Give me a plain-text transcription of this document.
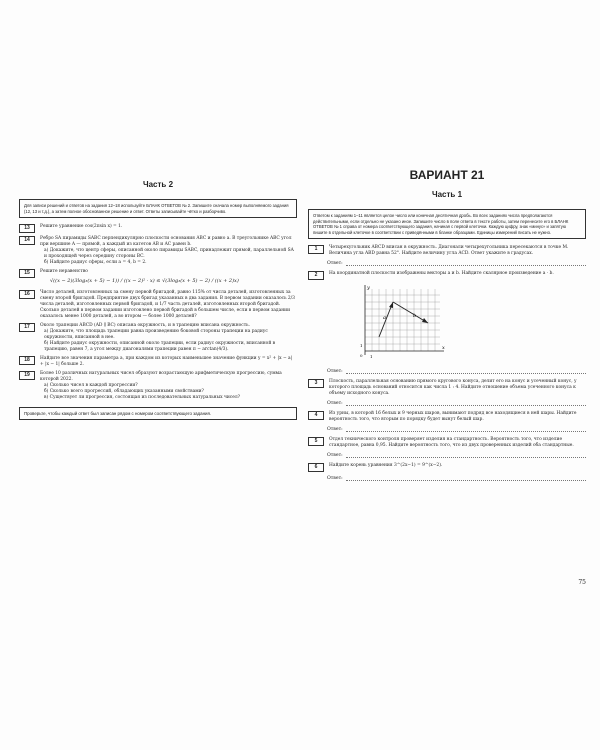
Часть 2
Для записи решений и ответов на задания 12–18 используйте БЛАНК ОТВЕТОВ № 2. Запишите сначала номер выполняемого задания (12, 13 и т.д.), а затем полное обоснованное решение и ответ. Ответы записывайте чётко и разборчиво.
13	Решите уравнение cos(2πsin x) = 1.
14	Ребро SA пирамиды SABC перпендикулярно плоскости основания ABC и равно a. В треугольнике ABC угол при вершине A — прямой, а каждый из катетов AB и AC равен b.
а) Докажите, что центр сферы, описанной около пирамиды SABC, принадлежит прямой, параллельной SA и проходящей через середину стороны BC.
б) Найдите радиус сферы, если a = 4, b = 2.
15	Решите неравенство
√((x − 2)(3log₃(x + 5) − 1)) / ((x − 2)² · x) ≤ √(3log₃(x + 5) − 2) / ((x + 2)x)
16	Число деталей, изготовленных за смену первой бригадой, равно 115% от числа деталей, изготовленных за смену второй бригадой. Предприятие двух бригад указанных в два задания. В первом задании оказалось 2/3 числа деталей, изготовленных первой бригадой, и 1/7 часть деталей, изготовленных второй бригадой. Сколько деталей в первом задании изготовлено первой бригадой в большем числе, если в первом задании оказалось менее 1000 деталей, а во втором — более 1000 деталей?
17	Около трапеции ABCD (AD ∥ BC) описана окружность, и в трапецию вписана окружность.
а) Докажите, что площадь трапеции равна произведению боковой стороны трапеции на радиус окружности, вписанной в нее.
б) Найдите радиус окружности, описанной около трапеции, если радиус окружности, вписанной в трапецию, равен 7, а угол между диагоналями трапеции равен π − arctan(4/3).
18	Найдите все значения параметра a, при каждом из которых наименьшее значение функции y = x² + |x − a| + |x − 1| больше 2.
19	Более 10 различных натуральных чисел образуют возрастающую арифметическую прогрессию, сумма которой 2022.
а) Сколько чисел в каждой прогрессии?
б) Сколько всего прогрессий, обладающих указанными свойствами?
в) Существует ли прогрессия, состоящая из последовательных натуральных чисел?
Проверьте, чтобы каждый ответ был записан рядом с номером соответствующего задания.
ВАРИАНТ 21
Часть 1
Ответом к заданиям 1–11 является целое число или конечная десятичная дробь. Во всех заданиях числа предполагаются действительными, если отдельно не указано иное. Запишите число в поле ответа в тексте работы, затем перенесите его в БЛАНК ОТВЕТОВ № 1 справа от номера соответствующего задания, начиная с первой клеточки. Каждую цифру, знак «минус» и запятую пишите в отдельной клеточке в соответствии с приведёнными в бланке образцами. Единицы измерений писать не нужно.
1	Четырехугольник ABCD вписан в окружность. Диагонали четырехугольника пересекаются в точке M. Величина угла ABD равна 52°. Найдите величину угла ACD. Ответ укажите в градусах.
Ответ:
2	На координатной плоскости изображены векторы a и b. Найдите скалярное произведение a · b.
x
y
0 1
1
a	b
Ответ:
3	Плоскость, параллельная основанию прямого кругового конуса, делит его на конус и усеченный конус, у которого площадь оснований относится как числа 1 : 4. Найдите отношение объема усеченного конуса к объему исходного конуса.
Ответ:
4	Из урны, в которой 16 белых и 9 черных шаров, вынимают подряд все находящиеся в ней шары. Найдите вероятность того, что вторым по порядку будет вынут белый шар.
Ответ:
5	Отдел технического контроля проверяет изделия на стандартность. Вероятность того, что изделие стандартное, равна 0,95. Найдите вероятность того, что из двух проверенных изделий оба стандартные.
Ответ:
6	Найдите корень уравнения 3^(2x−1) = 9^(x−2).
Ответ:
75
